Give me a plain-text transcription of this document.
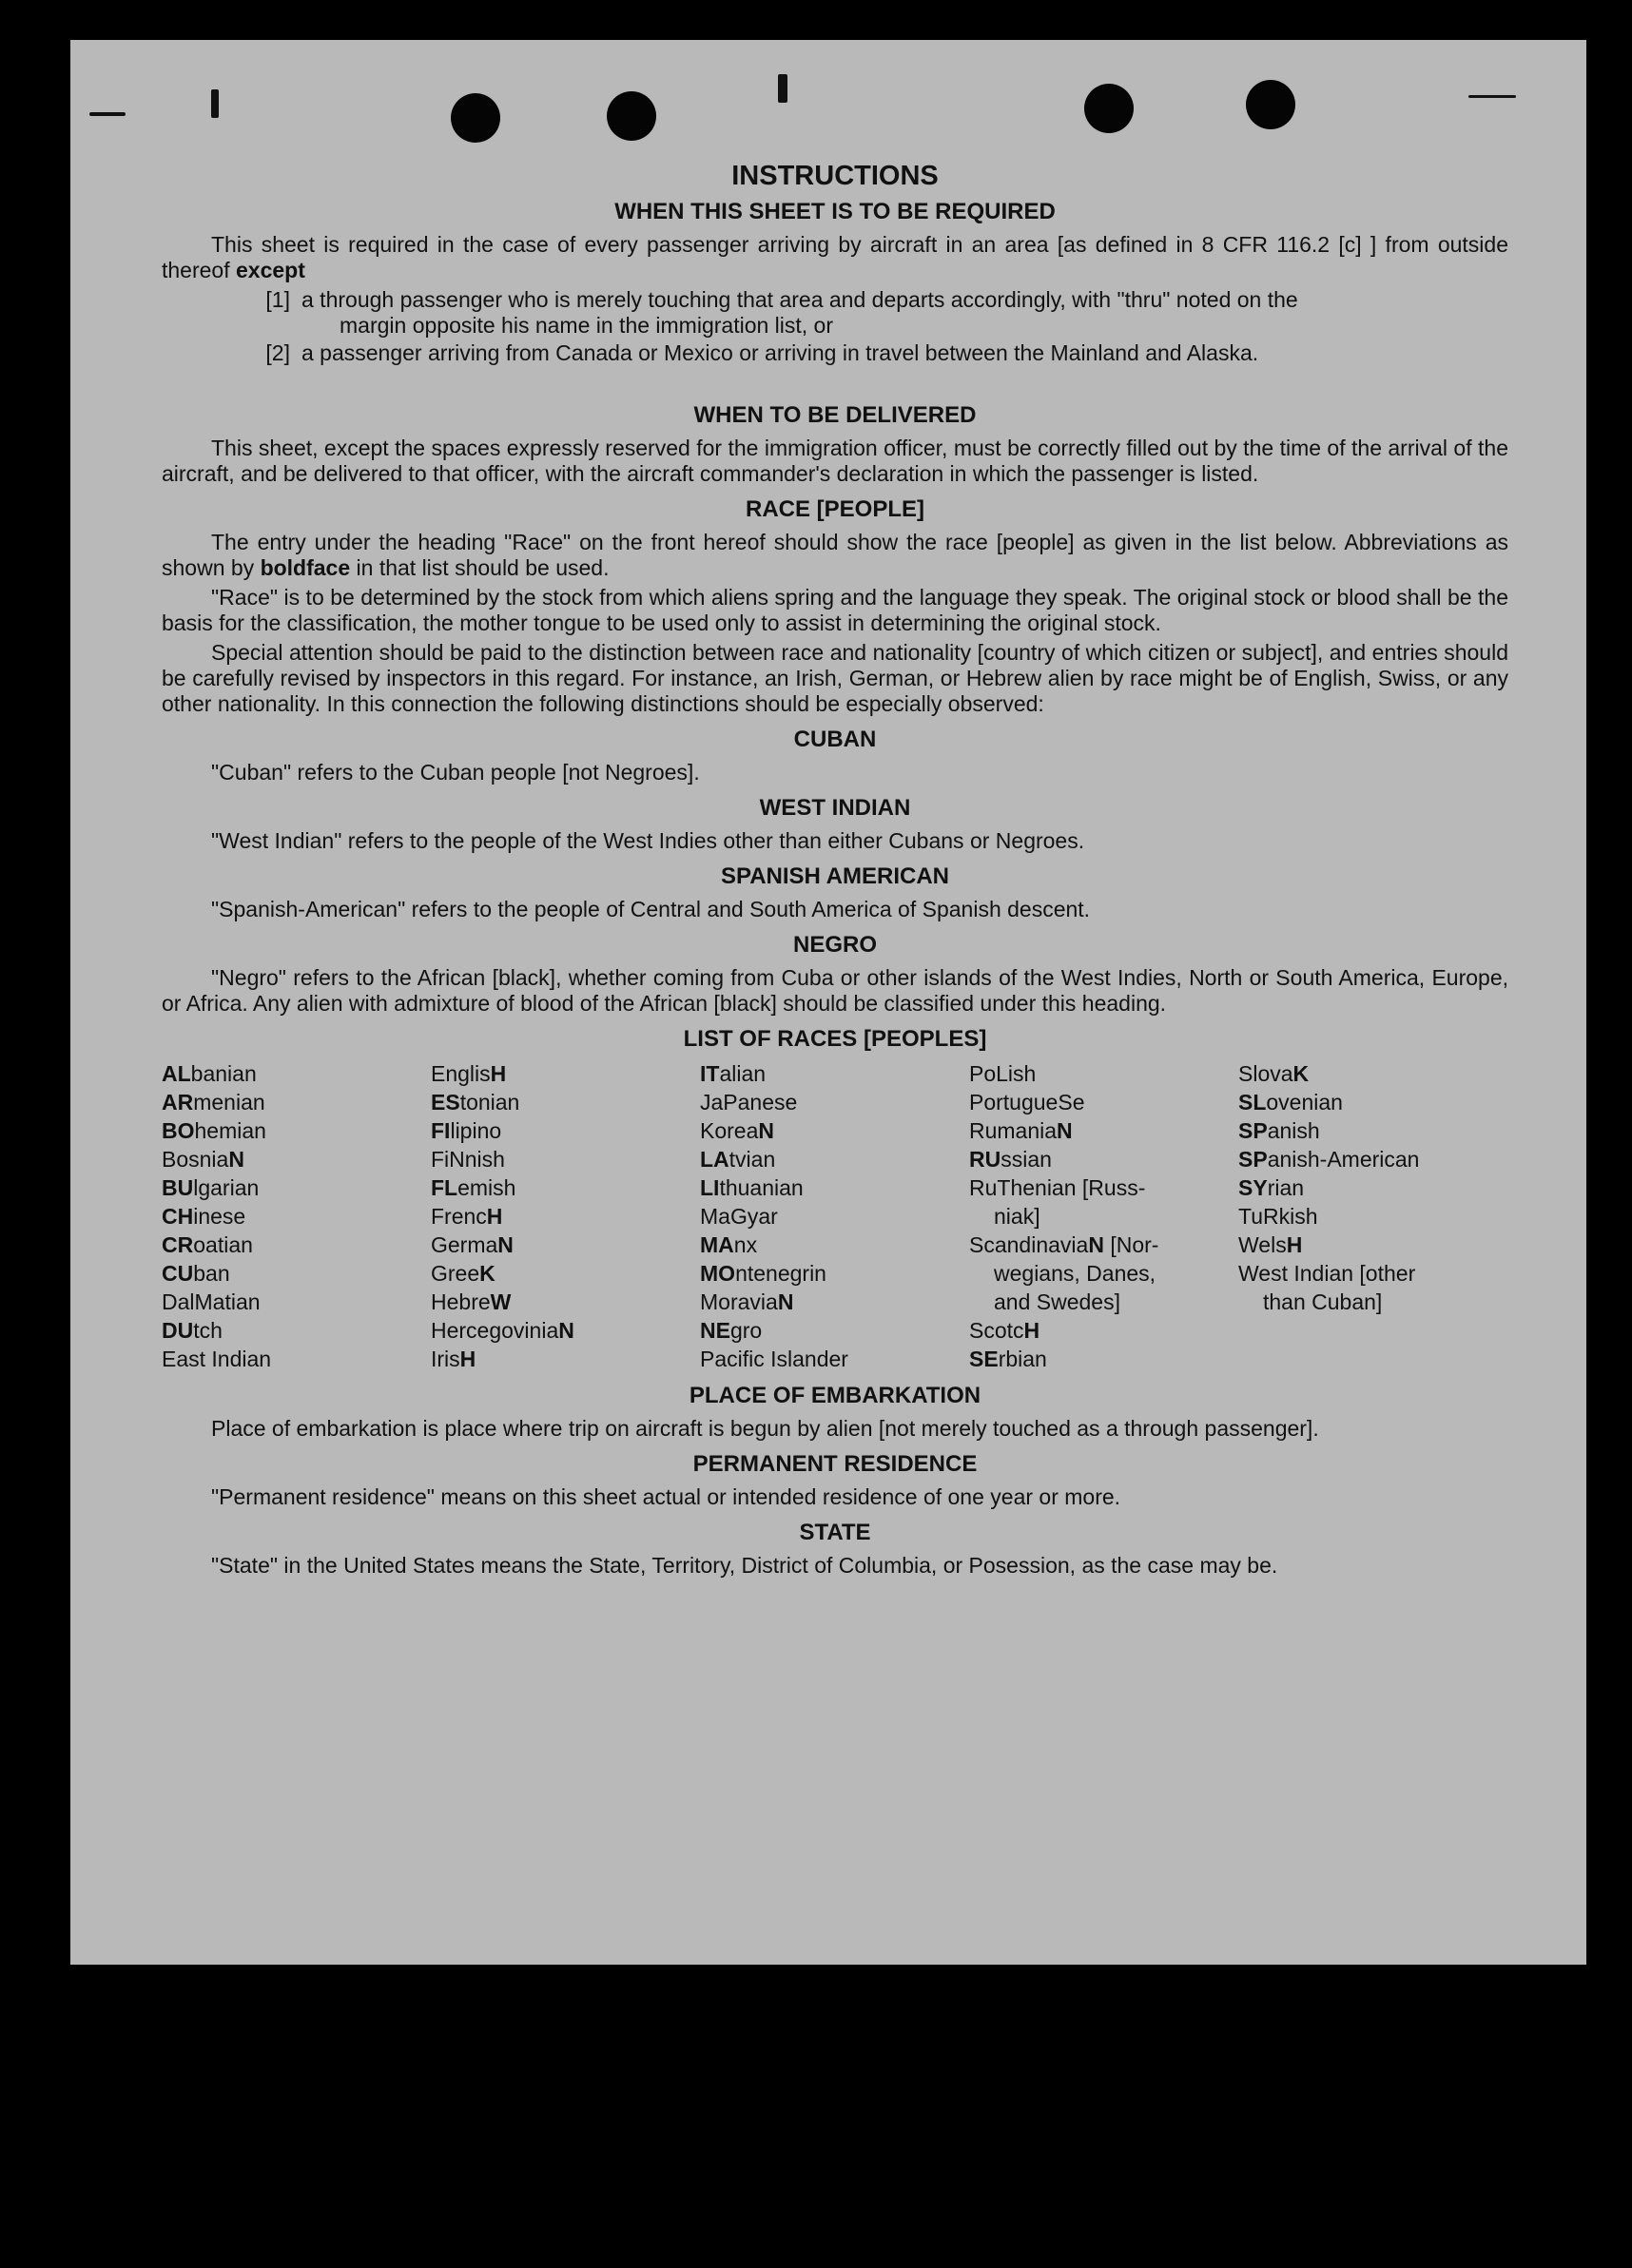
INSTRUCTIONS
WHEN THIS SHEET IS TO BE REQUIRED

This sheet is required in the case of every passenger arriving by aircraft in an area [as defined in 8 CFR 116.2 [c] ] from outside thereof except

[1] a through passenger who is merely touching that area and departs accordingly, with "thru" noted on the
margin opposite his name in the immigration list, or
[2] a passenger arriving from Canada or Mexico or arriving in travel between the Mainland and Alaska.
WHEN TO BE DELIVERED

This sheet, except the spaces expressly reserved for the immigration officer, must be correctly filled out by the time of the arrival of the aircraft, and be delivered to that officer, with the aircraft commander's declaration in which the passenger is listed.

RACE [PEOPLE]

The entry under the heading "Race" on the front hereof should show the race [people] as given in the list below. Abbreviations as shown by boldface in that list should be used.

"Race" is to be determined by the stock from which aliens spring and the language they speak. The original stock or blood shall be the basis for the classification, the mother tongue to be used only to assist in determining the original stock.

Special attention should be paid to the distinction between race and nationality [country of which citizen or subject], and entries should be carefully revised by inspectors in this regard. For instance, an Irish, German, or Hebrew alien by race might be of English, Swiss, or any other nationality. In this connection the following distinctions should be especially observed:

CUBAN

"Cuban" refers to the Cuban people [not Negroes].

WEST INDIAN

"West Indian" refers to the people of the West Indies other than either Cubans or Negroes.

SPANISH AMERICAN

"Spanish-American" refers to the people of Central and South America of Spanish descent.

NEGRO

"Negro" refers to the African [black], whether coming from Cuba or other islands of the West Indies, North or South America, Europe, or Africa. Any alien with admixture of blood of the African [black] should be classified under this heading.

LIST OF RACES [PEOPLES]
ALbanian
ARmenian
BOhemian
BosniaN
BUlgarian
CHinese
CRoatian
CUban
DalMatian
DUtch
East Indian
EnglisH
EStonian
FIlipino
FiNnish
FLemish
FrencH
GermaN
GreeK
HebreW
HercegoviniaN
IrisH
ITalian
JaPanese
KoreaN
LAtvian
LIthuanian
MaGyar
MAnx
MOntenegrin
MoraviaN
NEgro
Pacific Islander
PoLish
PortugueSe
RumaniaN
RUssian
RuThenian [Russ-
niak]
ScandinaviaN [Nor-
wegians, Danes,
and Swedes]
ScotcH
SErbian
SlovaK
SLovenian
SPanish
SPanish-American
SYrian
TuRkish
WelsH
West Indian [other
than Cuban]
PLACE OF EMBARKATION

Place of embarkation is place where trip on aircraft is begun by alien [not merely touched as a through passenger].

PERMANENT RESIDENCE

"Permanent residence" means on this sheet actual or intended residence of one year or more.

STATE

"State" in the United States means the State, Territory, District of Columbia, or Posession, as the case may be.
